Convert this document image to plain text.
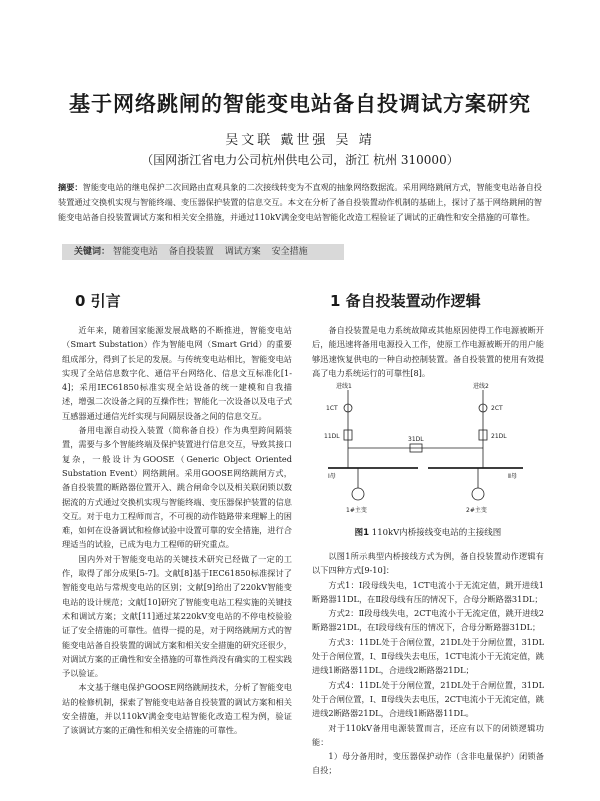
基于网络跳闸的智能变电站备自投调试方案研究
吴文联 戴世强 吴 靖
（国网浙江省电力公司杭州供电公司，浙江 杭州 310000）

摘要：智能变电站的继电保护二次回路由直观具象的二次接线转变为不直观的抽象网络数据流。采用网络跳闸方式，智能变电站备自投装置通过交换机实现与智能终端、变压器保护装置的信息交互。本文在分析了备自投装置动作机制的基础上，探讨了基于网络跳闸的智能变电站备自投装置调试方案和相关安全措施，并通过110kV满金变电站智能化改造工程验证了调试的正确性和安全措施的可靠性。

关键词： 智能变电站 备自投装置 调试方案 安全措施
0 引言	1 备自投装置动作逻辑

近年来，随着国家能源发展战略的不断推进，智能变电站（Smart Substation）作为智能电网（Smart Grid）的重要组成部分，得到了长足的发展。与传统变电站相比，智能变电站实现了全站信息数字化、通信平台网络化、信息文互标准化[1-4]；采用IEC61850标准实现全站设备的统一建模和自我描述，增强二次设备之间的互操作性；智能化一次设备以及电子式互感器通过通信光纤实现与间隔层设备之间的信息交互。

备用电源自动投入装置（简称备自投）作为典型跨间隔装置，需要与多个智能终端及保护装置进行信息交互，导致其接口复杂，一般设计为GOOSE（Generic Object Oriented Substation Event）网络跳闸。采用GOOSE网络跳闸方式，备自投装置的断路器位置开入、跳合闸命令以及相关联闭锁以数据流的方式通过交换机实现与智能终端、变压器保护装置的信息交互。对于电力工程师而言，不可视的动作链路带来理解上的困难，如何在设备调试和检修试验中设置可靠的安全措施，进行合理适当的试验，已成为电力工程师的研究重点。

国内外对于智能变电站的关键技术研究已经做了一定的工作，取得了部分成果[5-7]。文献[8]基于IEC61850标准探讨了智能变电站与常规变电站的区别；文献[9]给出了220kV智能变电站的设计规范；文献[10]研究了智能变电站工程实施的关键技术和调试方案；文献[11]通过某220kV变电站的不停电校验验证了安全措施的可靠性。值得一提的是，对于网络跳闸方式的智能变电站备自投装置的调试方案和相关安全措施的研究还很少，对调试方案的正确性和安全措施的可靠性尚没有确实的工程实践予以验证。

本文基于继电保护GOOSE网络跳闸技术，分析了智能变电站的检修机制，探索了智能变电站备自投装置的调试方案和相关安全措施，并以110kV满金变电站智能化改造工程为例，验证了该调试方案的正确性和相关安全措施的可靠性。

备自投装置是电力系统故障或其他原因使得工作电源被断开后，能迅速将备用电源投入工作，使原工作电源被断开的用户能够迅速恢复供电的一种自动控制装置。备自投装置的使用有效提高了电力系统运行的可靠性[8]。

进线1	进线2
1CT	2CT
11DL	21DL
31DL
Ⅰ母	Ⅱ母
1#主变	2#主变
图1 110kV内桥接线变电站的主接线图

以图1所示典型内桥接线方式为例，备自投装置动作逻辑有以下四种方式[9-10]：

方式1：Ⅰ段母线失电，1CT电流小于无流定值，跳开进线1断路器11DL，在Ⅱ段母线有压的情况下，合母分断路器31DL；

方式2：Ⅱ段母线失电，2CT电流小于无流定值，跳开进线2断路器21DL，在Ⅰ段母线有压的情况下，合母分断路器31DL；

方式3：11DL处于合闸位置，21DL处于分闸位置，31DL处于合闸位置，Ⅰ、Ⅱ母线失去电压，1CT电流小于无流定值，跳进线1断路器11DL，合进线2断路器21DL；

方式4：11DL处于分闸位置，21DL处于合闸位置，31DL处于合闸位置，Ⅰ、Ⅱ母线失去电压，2CT电流小于无流定值，跳进线2断路器21DL，合进线1断路器11DL。

对于110kV备用电源装置而言，还应有以下的闭锁逻辑功能：

1）母分备用时，变压器保护动作（含非电量保护）闭锁备自投；
